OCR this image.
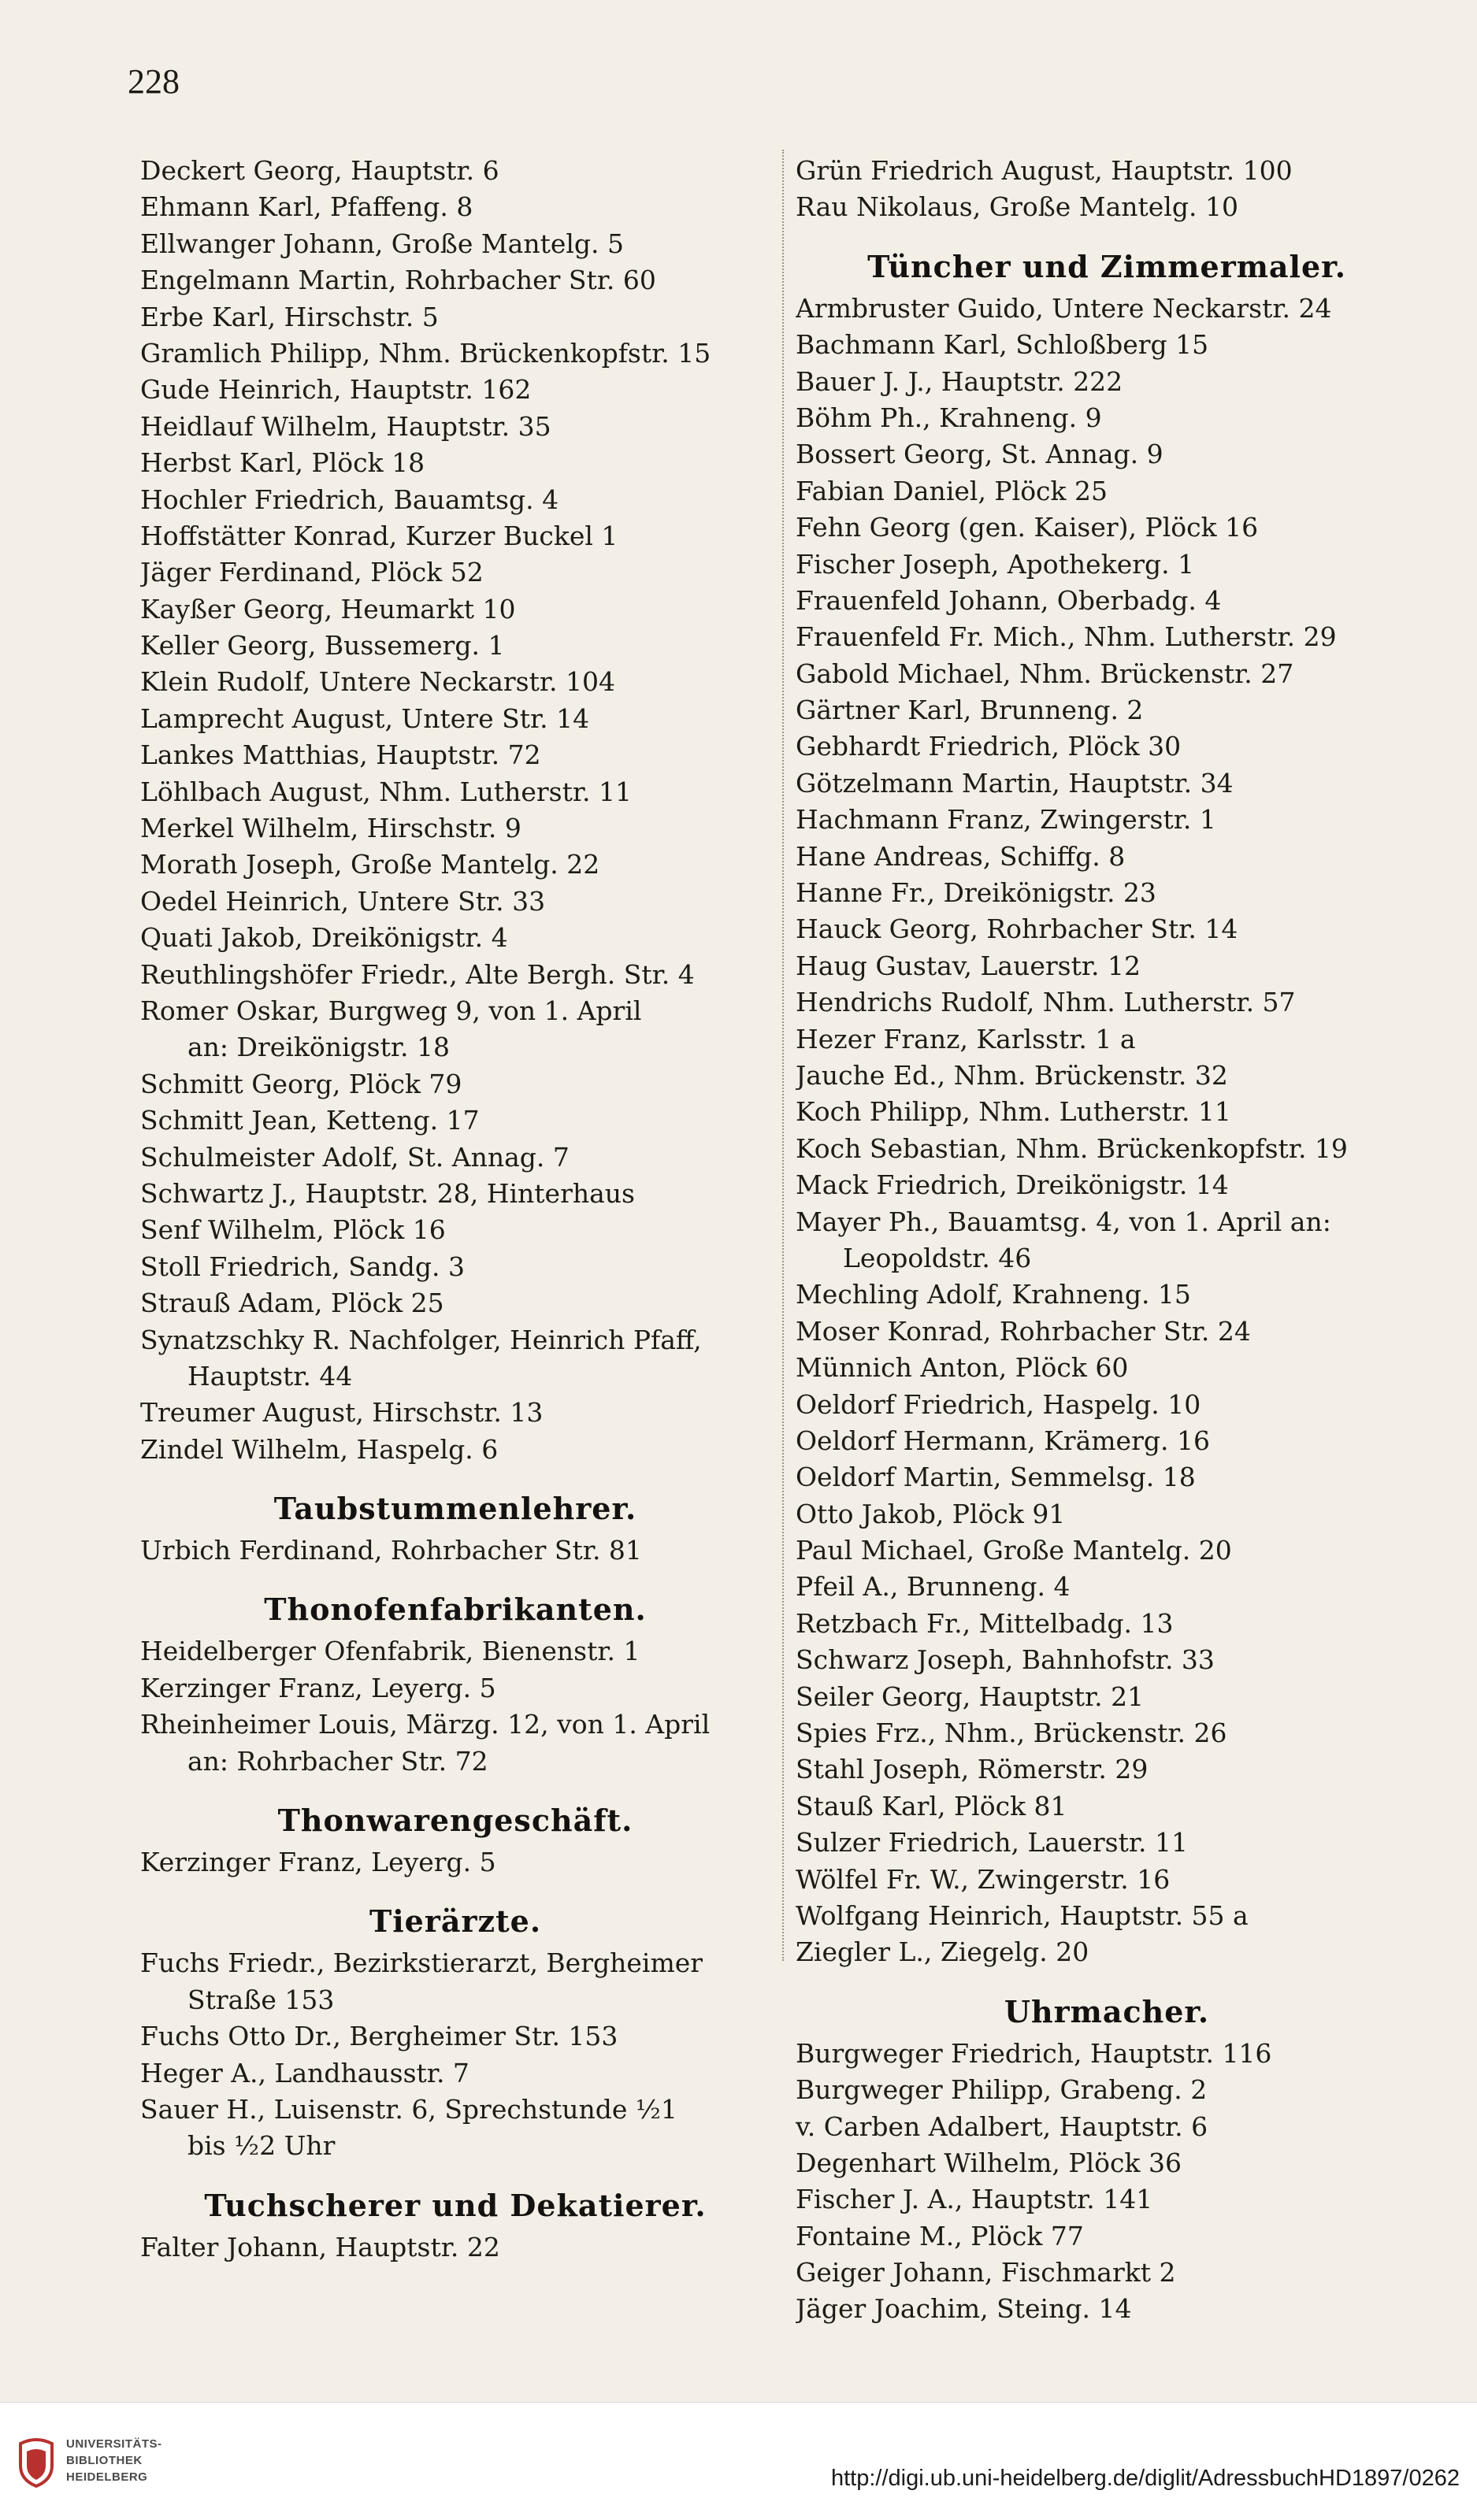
228
Deckert Georg, Hauptstr. 6
Ehmann Karl, Pfaffeng. 8
Ellwanger Johann, Große Mantelg. 5
Engelmann Martin, Rohrbacher Str. 60
Erbe Karl, Hirschstr. 5
Gramlich Philipp, Nhm. Brückenkopfstr. 15
Gude Heinrich, Hauptstr. 162
Heidlauf Wilhelm, Hauptstr. 35
Herbst Karl, Plöck 18
Hochler Friedrich, Bauamtsg. 4
Hoffstätter Konrad, Kurzer Buckel 1
Jäger Ferdinand, Plöck 52
Kayßer Georg, Heumarkt 10
Keller Georg, Bussemerg. 1
Klein Rudolf, Untere Neckarstr. 104
Lamprecht August, Untere Str. 14
Lankes Matthias, Hauptstr. 72
Löhlbach August, Nhm. Lutherstr. 11
Merkel Wilhelm, Hirschstr. 9
Morath Joseph, Große Mantelg. 22
Oedel Heinrich, Untere Str. 33
Quati Jakob, Dreikönigstr. 4
Reuthlingshöfer Friedr., Alte Bergh. Str. 4
Romer Oskar, Burgweg 9, von 1. April
an: Dreikönigstr. 18
Schmitt Georg, Plöck 79
Schmitt Jean, Ketteng. 17
Schulmeister Adolf, St. Annag. 7
Schwartz J., Hauptstr. 28, Hinterhaus
Senf Wilhelm, Plöck 16
Stoll Friedrich, Sandg. 3
Strauß Adam, Plöck 25
Synatzschky R. Nachfolger, Heinrich Pfaff,
Hauptstr. 44
Treumer August, Hirschstr. 13
Zindel Wilhelm, Haspelg. 6
Taubstummenlehrer.
Urbich Ferdinand, Rohrbacher Str. 81
Thonofenfabrikanten.
Heidelberger Ofenfabrik, Bienenstr. 1
Kerzinger Franz, Leyerg. 5
Rheinheimer Louis, Märzg. 12, von 1. April
an: Rohrbacher Str. 72
Thonwarengeschäft.
Kerzinger Franz, Leyerg. 5
Tierärzte.
Fuchs Friedr., Bezirkstierarzt, Bergheimer
Straße 153
Fuchs Otto Dr., Bergheimer Str. 153
Heger A., Landhausstr. 7
Sauer H., Luisenstr. 6, Sprechstunde ½1
bis ½2 Uhr
Tuchscherer und Dekatierer.
Falter Johann, Hauptstr. 22
Grün Friedrich August, Hauptstr. 100
Rau Nikolaus, Große Mantelg. 10
Tüncher und Zimmermaler.
Armbruster Guido, Untere Neckarstr. 24
Bachmann Karl, Schloßberg 15
Bauer J. J., Hauptstr. 222
Böhm Ph., Krahneng. 9
Bossert Georg, St. Annag. 9
Fabian Daniel, Plöck 25
Fehn Georg (gen. Kaiser), Plöck 16
Fischer Joseph, Apothekerg. 1
Frauenfeld Johann, Oberbadg. 4
Frauenfeld Fr. Mich., Nhm. Lutherstr. 29
Gabold Michael, Nhm. Brückenstr. 27
Gärtner Karl, Brunneng. 2
Gebhardt Friedrich, Plöck 30
Götzelmann Martin, Hauptstr. 34
Hachmann Franz, Zwingerstr. 1
Hane Andreas, Schiffg. 8
Hanne Fr., Dreikönigstr. 23
Hauck Georg, Rohrbacher Str. 14
Haug Gustav, Lauerstr. 12
Hendrichs Rudolf, Nhm. Lutherstr. 57
Hezer Franz, Karlsstr. 1 a
Jauche Ed., Nhm. Brückenstr. 32
Koch Philipp, Nhm. Lutherstr. 11
Koch Sebastian, Nhm. Brückenkopfstr. 19
Mack Friedrich, Dreikönigstr. 14
Mayer Ph., Bauamtsg. 4, von 1. April an:
Leopoldstr. 46
Mechling Adolf, Krahneng. 15
Moser Konrad, Rohrbacher Str. 24
Münnich Anton, Plöck 60
Oeldorf Friedrich, Haspelg. 10
Oeldorf Hermann, Krämerg. 16
Oeldorf Martin, Semmelsg. 18
Otto Jakob, Plöck 91
Paul Michael, Große Mantelg. 20
Pfeil A., Brunneng. 4
Retzbach Fr., Mittelbadg. 13
Schwarz Joseph, Bahnhofstr. 33
Seiler Georg, Hauptstr. 21
Spies Frz., Nhm., Brückenstr. 26
Stahl Joseph, Römerstr. 29
Stauß Karl, Plöck 81
Sulzer Friedrich, Lauerstr. 11
Wölfel Fr. W., Zwingerstr. 16
Wolfgang Heinrich, Hauptstr. 55 a
Ziegler L., Ziegelg. 20
Uhrmacher.
Burgweger Friedrich, Hauptstr. 116
Burgweger Philipp, Grabeng. 2
v. Carben Adalbert, Hauptstr. 6
Degenhart Wilhelm, Plöck 36
Fischer J. A., Hauptstr. 141
Fontaine M., Plöck 77
Geiger Johann, Fischmarkt 2
Jäger Joachim, Steing. 14
UNIVERSITÄTS-
BIBLIOTHEK
HEIDELBERG	http://digi.ub.uni-heidelberg.de/diglit/AdressbuchHD1897/0262
